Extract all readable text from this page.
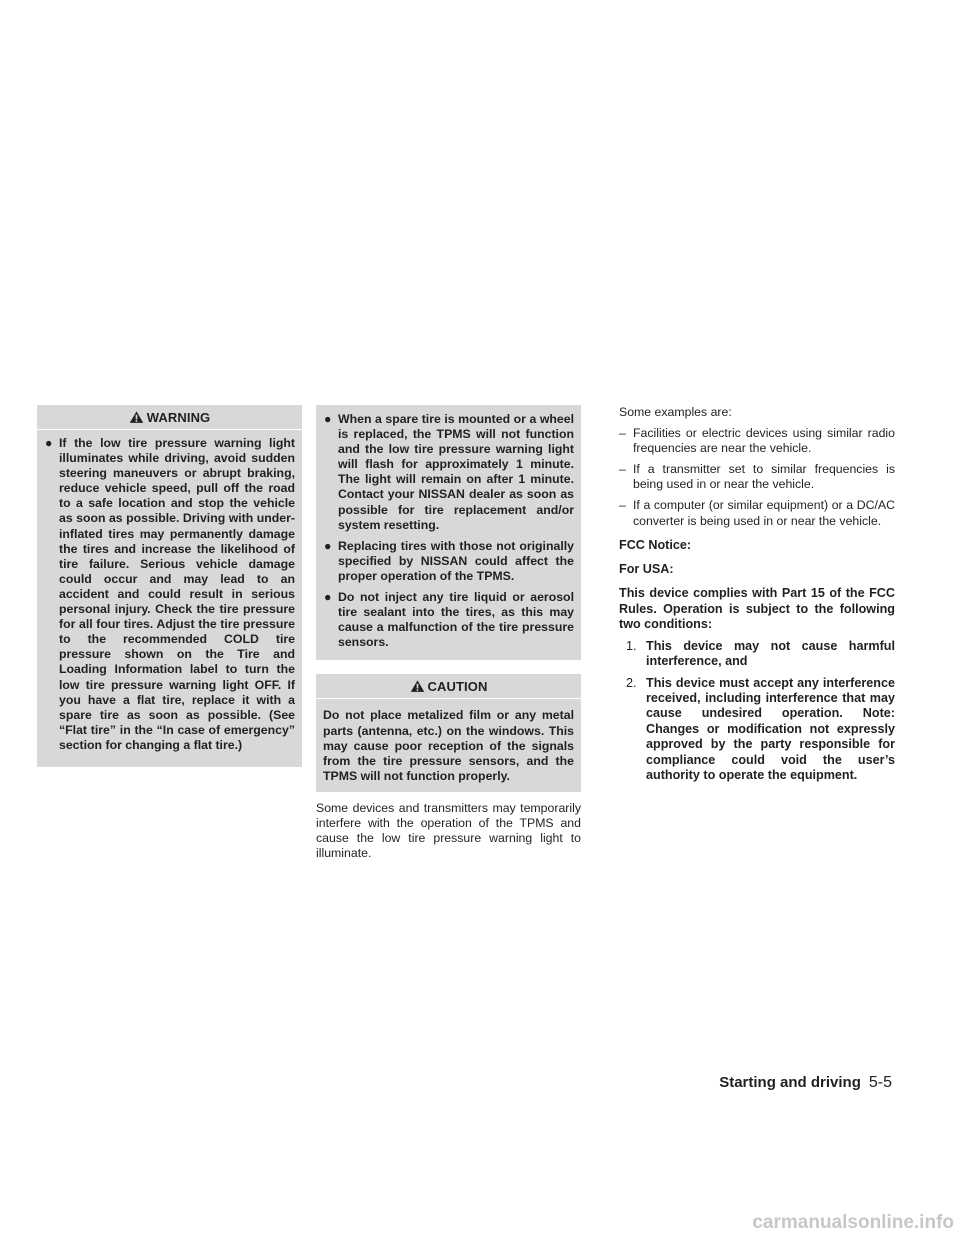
WARNING
● If the low tire pressure warning light illuminates while driving, avoid sudden steering maneuvers or abrupt braking, reduce vehicle speed, pull off the road to a safe location and stop the vehicle as soon as possible. Driving with under-inflated tires may permanently damage the tires and increase the likelihood of tire failure. Serious vehicle damage could occur and may lead to an accident and could result in serious personal injury. Check the tire pressure for all four tires. Adjust the tire pressure to the recommended COLD tire pressure shown on the Tire and Loading Information label to turn the low tire pressure warning light OFF. If you have a flat tire, replace it with a spare tire as soon as possible. (See “Flat tire” in the “In case of emergency” section for changing a flat tire.)
● When a spare tire is mounted or a wheel is replaced, the TPMS will not function and the low tire pressure warning light will flash for approximately 1 minute. The light will remain on after 1 minute. Contact your NISSAN dealer as soon as possible for tire replacement and/or system resetting.
● Replacing tires with those not originally specified by NISSAN could affect the proper operation of the TPMS.
● Do not inject any tire liquid or aerosol tire sealant into the tires, as this may cause a malfunction of the tire pressure sensors.
CAUTION
Do not place metalized film or any metal parts (antenna, etc.) on the windows. This may cause poor reception of the signals from the tire pressure sensors, and the TPMS will not function properly.

Some devices and transmitters may temporarily interfere with the operation of the TPMS and cause the low tire pressure warning light to illuminate.

Some examples are:

– Facilities or electric devices using similar radio frequencies are near the vehicle.
– If a transmitter set to similar frequencies is being used in or near the vehicle.
– If a computer (or similar equipment) or a DC/AC converter is being used in or near the vehicle.

FCC Notice:

For USA:

This device complies with Part 15 of the FCC Rules. Operation is subject to the following two conditions:

1. This device may not cause harmful interference, and
2. This device must accept any interference received, including interference that may cause undesired operation. Note: Changes or modification not expressly approved by the party responsible for compliance could void the user’s authority to operate the equipment.
Starting and driving 5-5
carmanualsonline.info
